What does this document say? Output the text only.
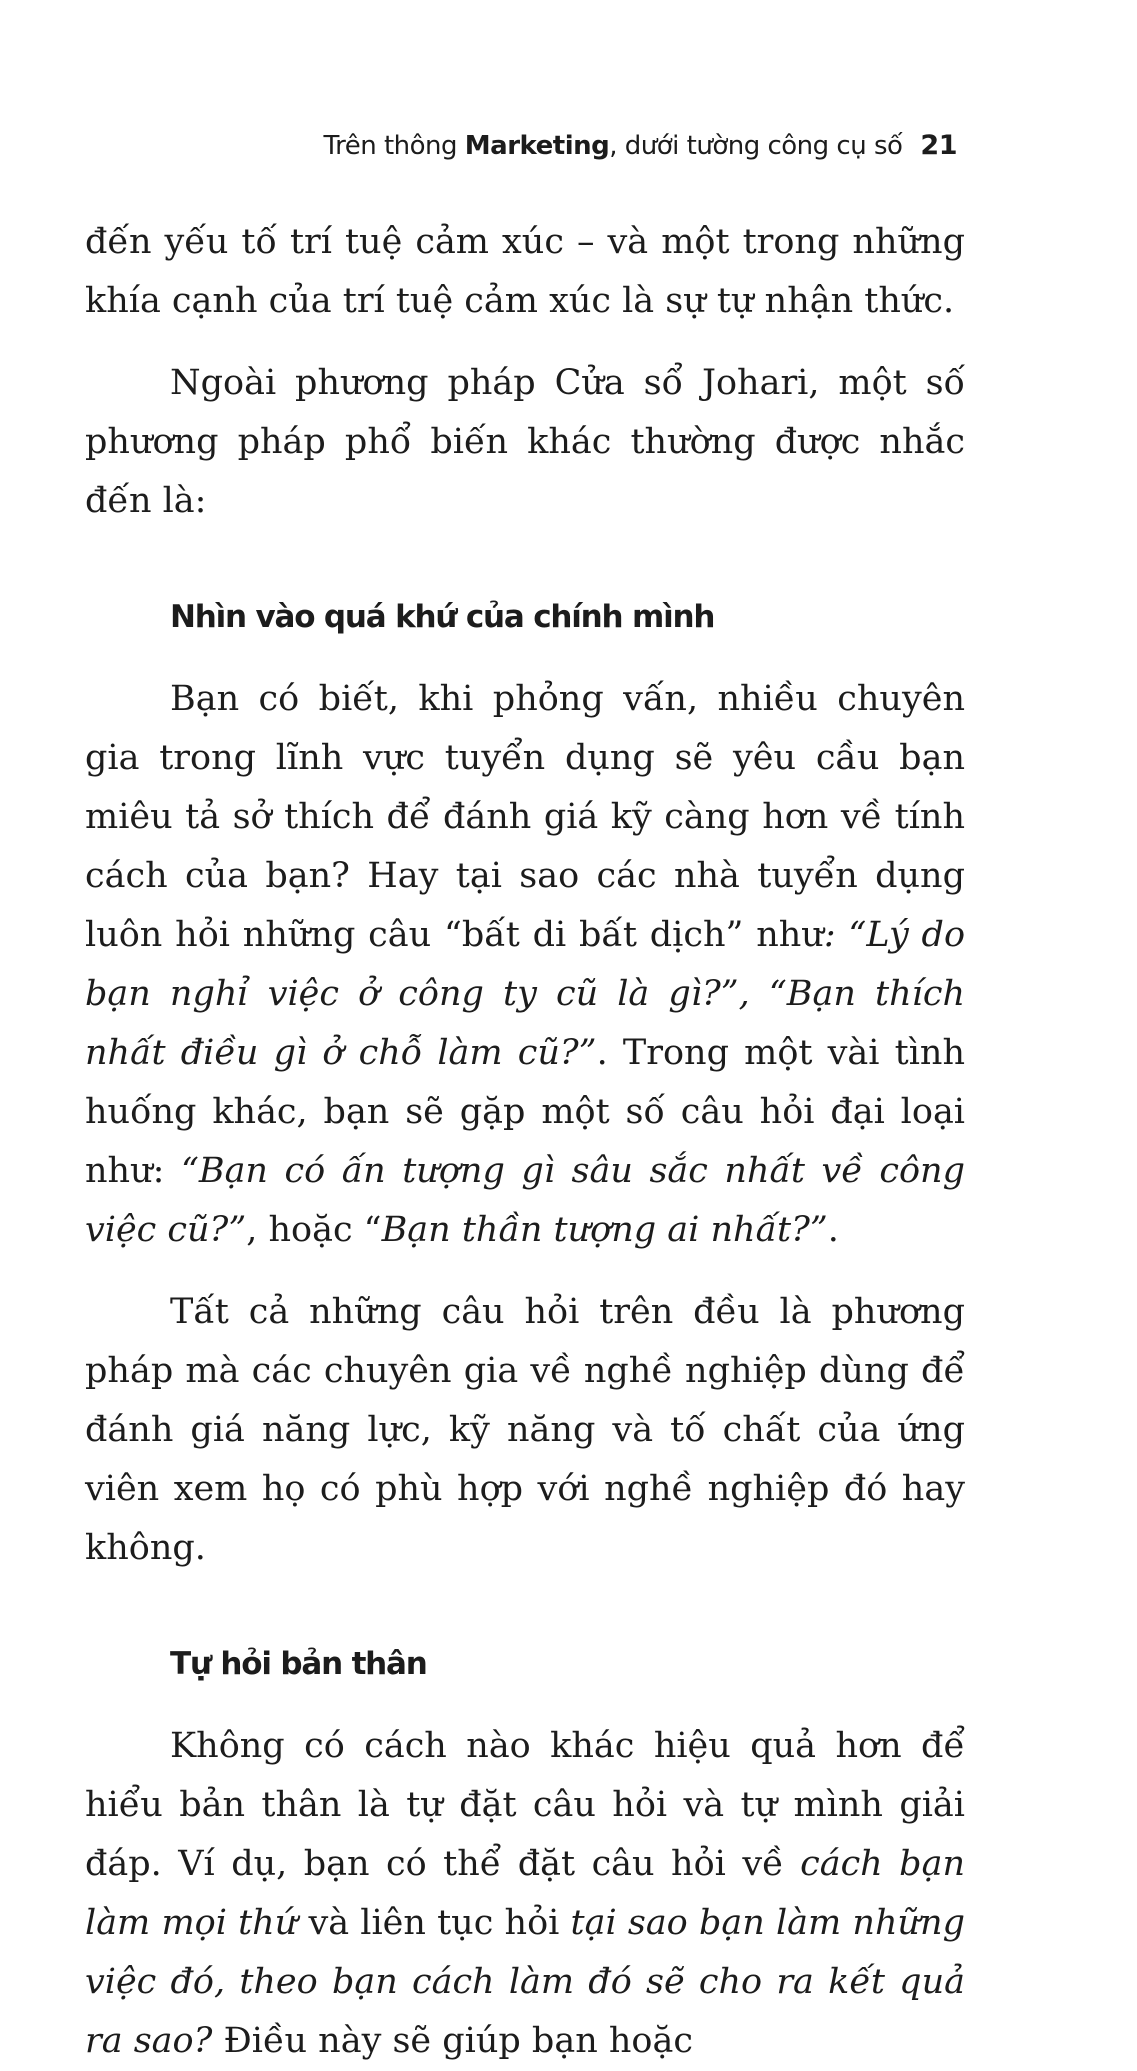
Trên thông Marketing, dưới tường công cụ số 21

đến yếu tố trí tuệ cảm xúc – và một trong những khía cạnh của trí tuệ cảm xúc là sự tự nhận thức.

Ngoài phương pháp Cửa sổ Johari, một số phương pháp phổ biến khác thường được nhắc đến là:

Nhìn vào quá khứ của chính mình

Bạn có biết, khi phỏng vấn, nhiều chuyên gia trong lĩnh vực tuyển dụng sẽ yêu cầu bạn miêu tả sở thích để đánh giá kỹ càng hơn về tính cách của bạn? Hay tại sao các nhà tuyển dụng luôn hỏi những câu “bất di bất dịch” như: “Lý do bạn nghỉ việc ở công ty cũ là gì?”, “Bạn thích nhất điều gì ở chỗ làm cũ?”. Trong một vài tình huống khác, bạn sẽ gặp một số câu hỏi đại loại như: “Bạn có ấn tượng gì sâu sắc nhất về công việc cũ?”, hoặc “Bạn thần tượng ai nhất?”.

Tất cả những câu hỏi trên đều là phương pháp mà các chuyên gia về nghề nghiệp dùng để đánh giá năng lực, kỹ năng và tố chất của ứng viên xem họ có phù hợp với nghề nghiệp đó hay không.

Tự hỏi bản thân

Không có cách nào khác hiệu quả hơn để hiểu bản thân là tự đặt câu hỏi và tự mình giải đáp. Ví dụ, bạn có thể đặt câu hỏi về cách bạn làm mọi thứ và liên tục hỏi tại sao bạn làm những việc đó, theo bạn cách làm đó sẽ cho ra kết quả ra sao? Điều này sẽ giúp bạn hoặc
